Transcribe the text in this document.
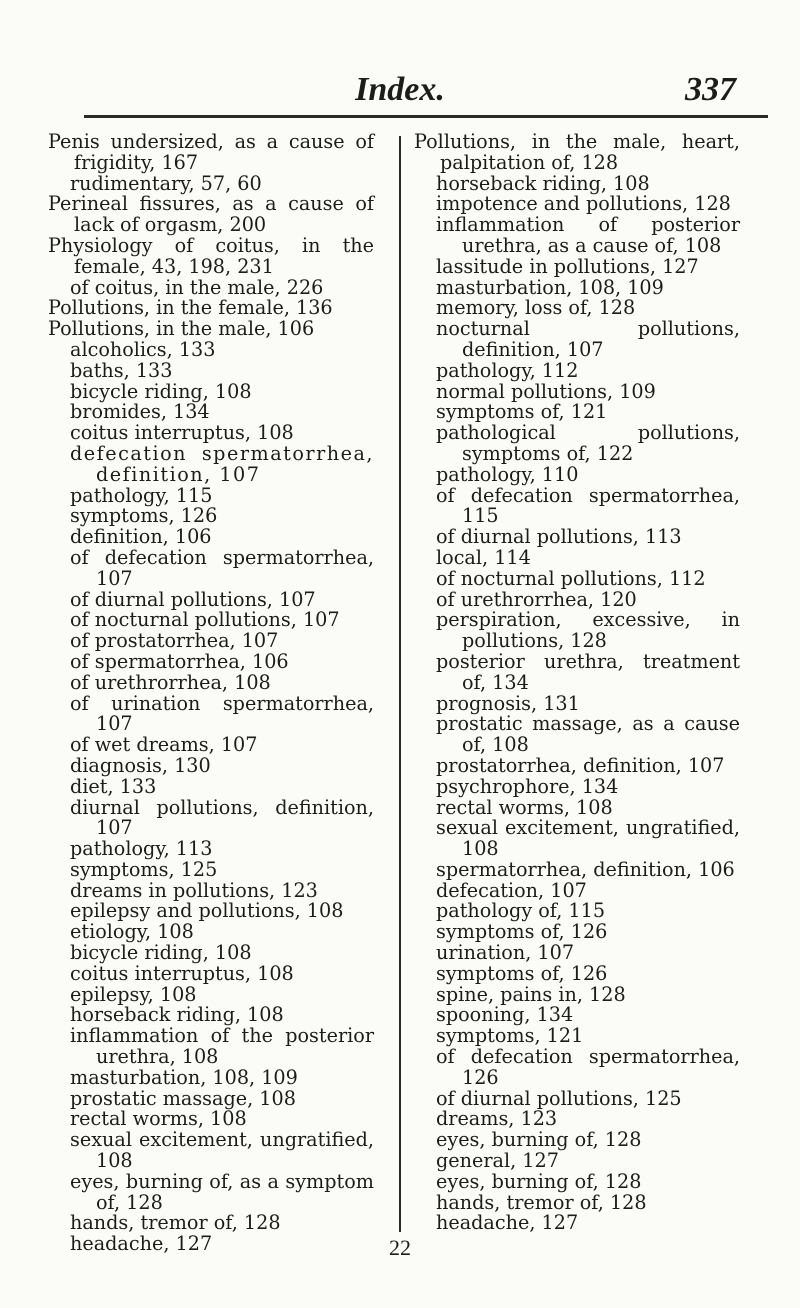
Index.	337

Penis undersized, as a cause of frigidity, 167

rudimentary, 57, 60

Perineal fissures, as a cause of lack of orgasm, 200

Physiology of coitus, in the female, 43, 198, 231

of coitus, in the male, 226

Pollutions, in the female, 136

Pollutions, in the male, 106

alcoholics, 133

baths, 133

bicycle riding, 108

bromides, 134

coitus interruptus, 108

defecation spermatorrhea, definition, 107

pathology, 115

symptoms, 126

definition, 106

of defecation spermatorrhea, 107

of diurnal pollutions, 107

of nocturnal pollutions, 107

of prostatorrhea, 107

of spermatorrhea, 106

of urethrorrhea, 108

of urination spermatorrhea, 107

of wet dreams, 107

diagnosis, 130

diet, 133

diurnal pollutions, definition, 107

pathology, 113

symptoms, 125

dreams in pollutions, 123

epilepsy and pollutions, 108

etiology, 108

bicycle riding, 108

coitus interruptus, 108

epilepsy, 108

horseback riding, 108

inflammation of the posterior urethra, 108

masturbation, 108, 109

prostatic massage, 108

rectal worms, 108

sexual excitement, ungratified, 108

eyes, burning of, as a symptom of, 128

hands, tremor of, 128

headache, 127

Pollutions, in the male, heart, palpitation of, 128

horseback riding, 108

impotence and pollutions, 128

inflammation of posterior urethra, as a cause of, 108

lassitude in pollutions, 127

masturbation, 108, 109

memory, loss of, 128

nocturnal pollutions, definition, 107

pathology, 112

normal pollutions, 109

symptoms of, 121

pathological pollutions, symptoms of, 122

pathology, 110

of defecation spermatorrhea, 115

of diurnal pollutions, 113

local, 114

of nocturnal pollutions, 112

of urethrorrhea, 120

perspiration, excessive, in pollutions, 128

posterior urethra, treatment of, 134

prognosis, 131

prostatic massage, as a cause of, 108

prostatorrhea, definition, 107

psychrophore, 134

rectal worms, 108

sexual excitement, ungratified, 108

spermatorrhea, definition, 106

defecation, 107

pathology of, 115

symptoms of, 126

urination, 107

symptoms of, 126

spine, pains in, 128

spooning, 134

symptoms, 121

of defecation spermatorrhea, 126

of diurnal pollutions, 125

dreams, 123

eyes, burning of, 128

general, 127

eyes, burning of, 128

hands, tremor of, 128

headache, 127

22
